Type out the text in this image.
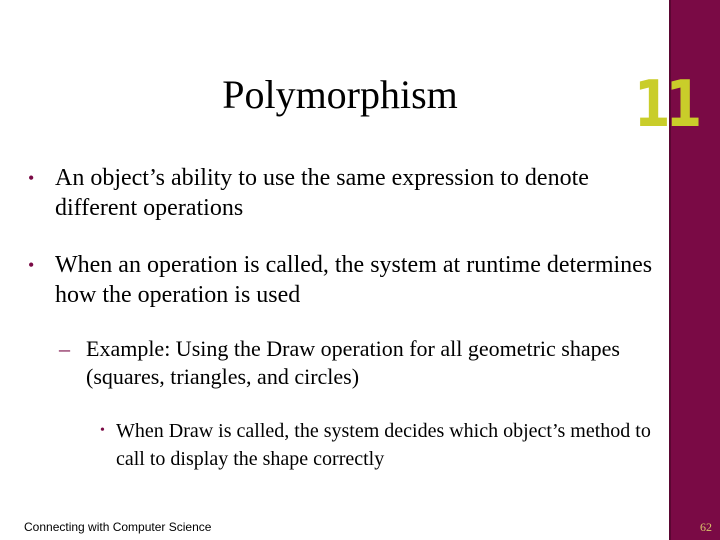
Polymorphism	11
• An object’s ability to use the same expression to denote different operations
• When an operation is called, the system at runtime determines how the operation is used
– Example: Using the Draw operation for all geometric shapes (squares, triangles, and circles)
• When Draw is called, the system decides which object’s method to call to display the shape correctly
Connecting with Computer Science	62
